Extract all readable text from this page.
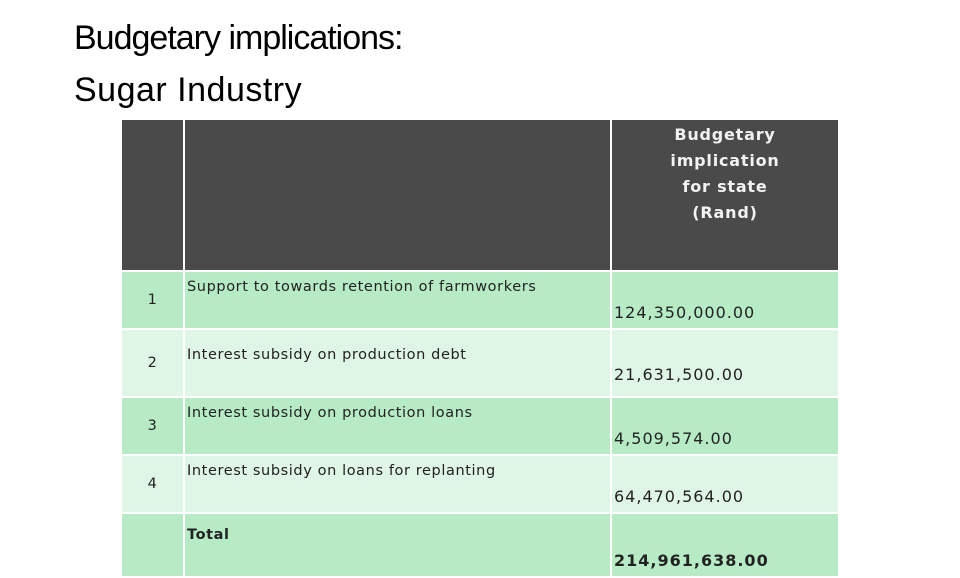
Budgetary implications:
Sugar Industry

		Budgetary
implication
for state
(Rand)

1	Support to towards retention of farmworkers	124,350,000.00
2	Interest subsidy on production debt	21,631,500.00
3	Interest subsidy on production loans	4,509,574.00
4	Interest subsidy on loans for replanting	64,470,564.00
	Total	214,961,638.00
